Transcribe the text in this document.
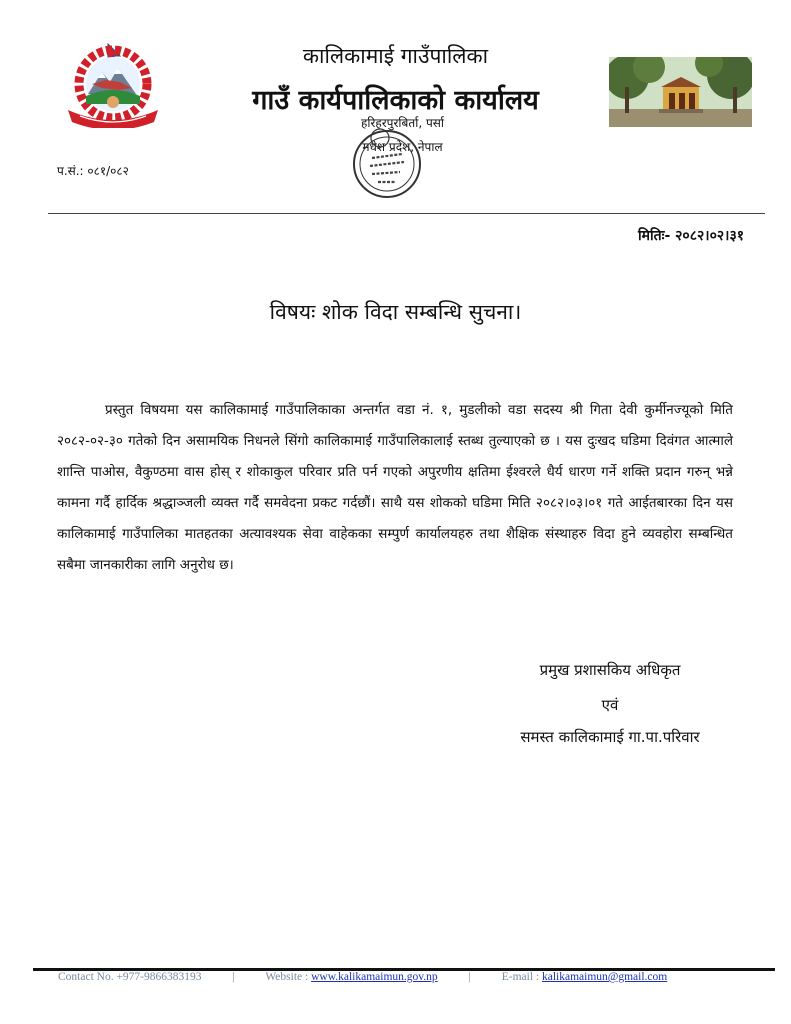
कालिकामाई गाउँपालिका
गाउँ कार्यपालिकाको कार्यालय
हरिहरपुरबिर्ता, पर्सा
मधेश प्रदेश, नेपाल
प.सं.: ०८१/०८२
मितिः- २०८२।०२।३१
विषयः शोक विदा सम्बन्धि सुचना।
प्रस्तुत विषयमा यस कालिकामाई गाउँपालिकाका अन्तर्गत वडा नं. १, मुडलीको वडा सदस्य श्री गिता देवी कुर्मीनज्यूको मिति २०८२-०२-३० गतेको दिन असामयिक निधनले सिंगो कालिकामाई गाउँपालिकालाई स्तब्ध तुल्याएको छ । यस दुःखद घडिमा दिवंगत आत्माले शान्ति पाओस, वैकुण्ठमा वास होस् र शोकाकुल परिवार प्रति पर्न गएको अपुरणीय क्षतिमा ईश्वरले धैर्य धारण गर्ने शक्ति प्रदान गरुन् भन्ने कामना गर्दै हार्दिक श्रद्धाञ्जली व्यक्त गर्दै समवेदना प्रकट गर्दछौं। साथै यस शोकको घडिमा मिति २०८२।०३।०१ गते आईतबारका दिन यस कालिकामाई गाउँपालिका मातहतका अत्यावश्यक सेवा वाहेकका सम्पुर्ण कार्यालयहरु तथा शैक्षिक संस्थाहरु विदा हुने व्यवहोरा सम्बन्धित सबैमा जानकारीका लागि अनुरोध छ।
प्रमुख प्रशासकिय अधिकृत
एवं
समस्त कालिकामाई गा.पा.परिवार
Contact No. +977-9866383193	|	Website : www.kalikamaimun.gov.np	|	E-mail : kalikamaimun@gmail.com
